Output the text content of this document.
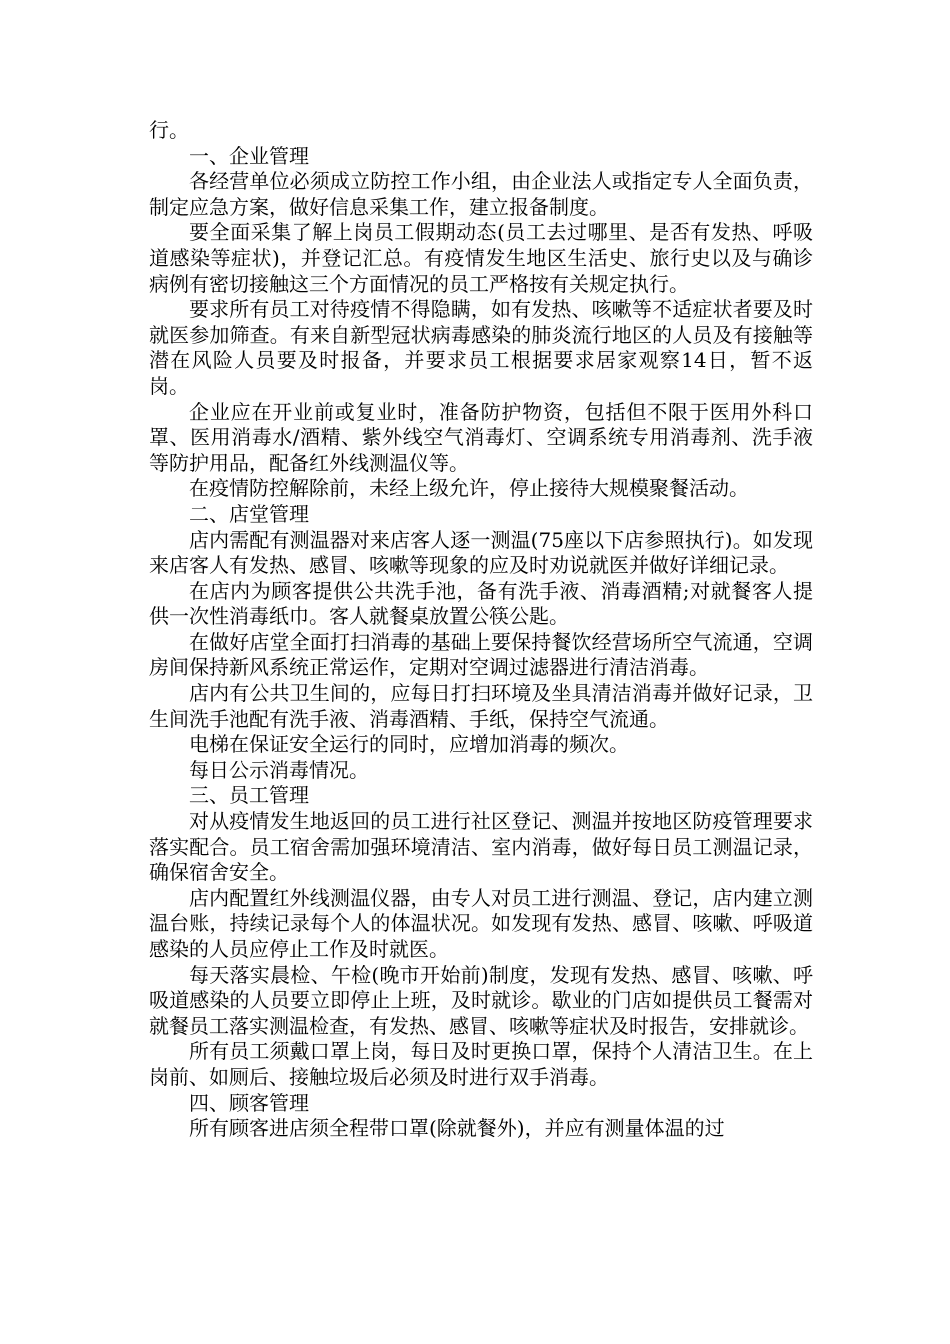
行。

一、企业管理

各经营单位必须成立防控工作小组，由企业法人或指定专人全面负责，制定应急方案，做好信息采集工作，建立报备制度。

要全面采集了解上岗员工假期动态(员工去过哪里、是否有发热、呼吸道感染等症状)，并登记汇总。有疫情发生地区生活史、旅行史以及与确诊病例有密切接触这三个方面情况的员工严格按有关规定执行。

要求所有员工对待疫情不得隐瞒，如有发热、咳嗽等不适症状者要及时就医参加筛查。有来自新型冠状病毒感染的肺炎流行地区的人员及有接触等潜在风险人员要及时报备，并要求员工根据要求居家观察14日，暂不返岗。

企业应在开业前或复业时，准备防护物资，包括但不限于医用外科口罩、医用消毒水/酒精、紫外线空气消毒灯、空调系统专用消毒剂、洗手液等防护用品，配备红外线测温仪等。

在疫情防控解除前，未经上级允许，停止接待大规模聚餐活动。

二、店堂管理

店内需配有测温器对来店客人逐一测温(75座以下店参照执行)。如发现来店客人有发热、感冒、咳嗽等现象的应及时劝说就医并做好详细记录。

在店内为顾客提供公共洗手池，备有洗手液、消毒酒精;对就餐客人提供一次性消毒纸巾。客人就餐桌放置公筷公匙。

在做好店堂全面打扫消毒的基础上要保持餐饮经营场所空气流通，空调房间保持新风系统正常运作，定期对空调过滤器进行清洁消毒。

店内有公共卫生间的，应每日打扫环境及坐具清洁消毒并做好记录，卫生间洗手池配有洗手液、消毒酒精、手纸，保持空气流通。

电梯在保证安全运行的同时，应增加消毒的频次。

每日公示消毒情况。

三、员工管理

对从疫情发生地返回的员工进行社区登记、测温并按地区防疫管理要求落实配合。员工宿舍需加强环境清洁、室内消毒，做好每日员工测温记录，确保宿舍安全。

店内配置红外线测温仪器，由专人对员工进行测温、登记，店内建立测温台账，持续记录每个人的体温状况。如发现有发热、感冒、咳嗽、呼吸道感染的人员应停止工作及时就医。

每天落实晨检、午检(晚市开始前)制度，发现有发热、感冒、咳嗽、呼吸道感染的人员要立即停止上班，及时就诊。歇业的门店如提供员工餐需对就餐员工落实测温检查，有发热、感冒、咳嗽等症状及时报告，安排就诊。

所有员工须戴口罩上岗，每日及时更换口罩，保持个人清洁卫生。在上岗前、如厕后、接触垃圾后必须及时进行双手消毒。

四、顾客管理

所有顾客进店须全程带口罩(除就餐外)，并应有测量体温的过
